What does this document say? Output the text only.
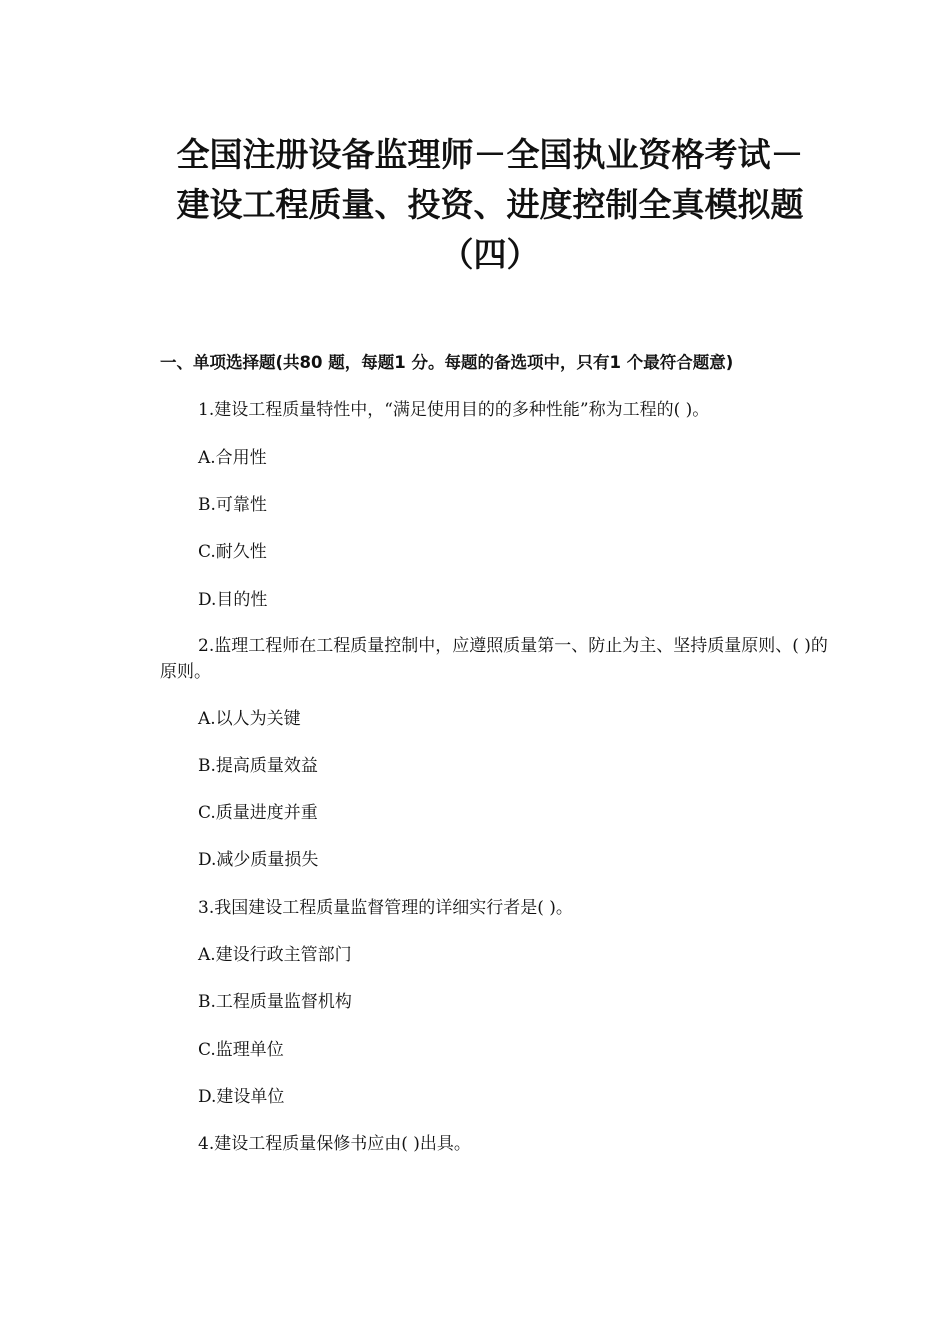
全国注册设备监理师－全国执业资格考试－
建设工程质量、投资、进度控制全真模拟题
（四）

一、单项选择题(共80 题，每题1 分。每题的备选项中，只有1 个最符合题意)

1.建设工程质量特性中，“满足使用目的的多种性能”称为工程的( )。

A.合用性

B.可靠性

C.耐久性

D.目的性

2.监理工程师在工程质量控制中，应遵照质量第一、防止为主、坚持质量原则、( )的原则。

A.以人为关键

B.提高质量效益

C.质量进度并重

D.减少质量损失

3.我国建设工程质量监督管理的详细实行者是( )。

A.建设行政主管部门

B.工程质量监督机构

C.监理单位

D.建设单位

4.建设工程质量保修书应由( )出具。
